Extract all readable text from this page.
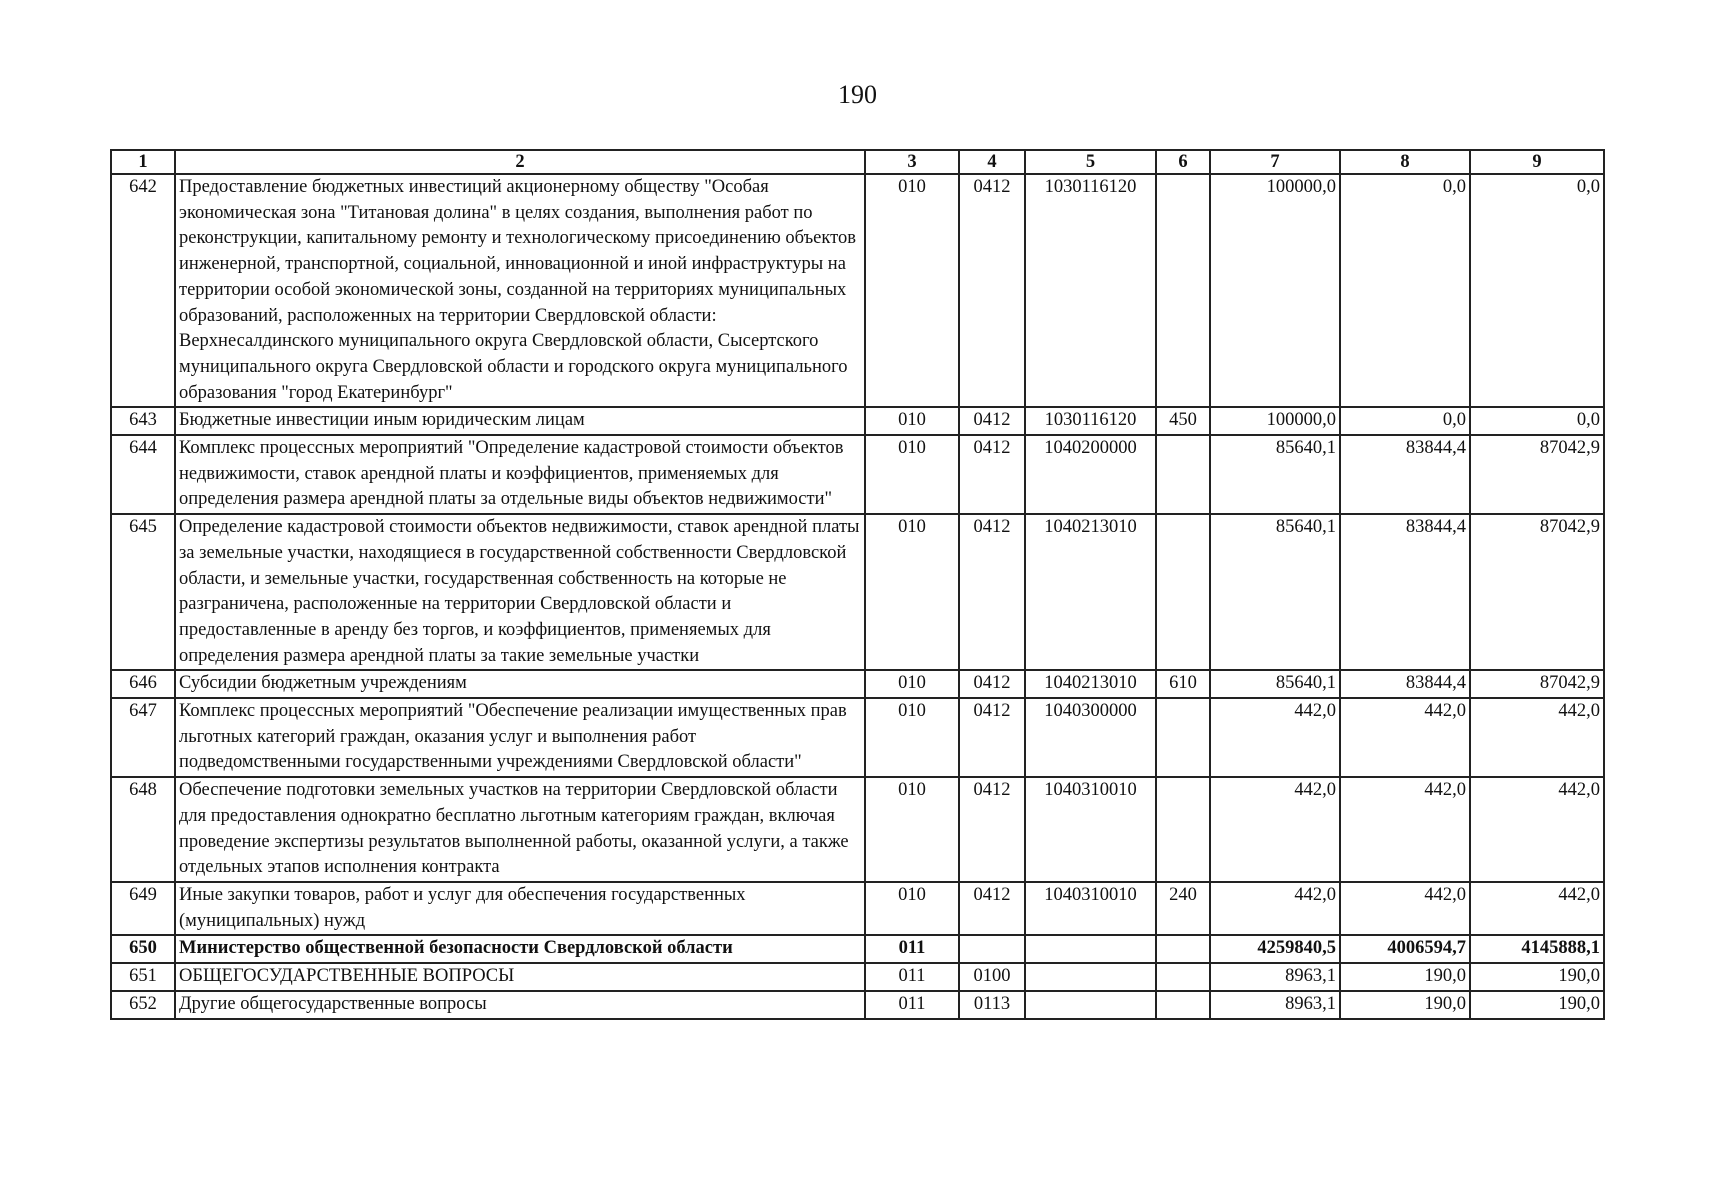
190
1	2	3	4	5	6	7	8	9
642	Предоставление бюджетных инвестиций акционерному обществу "Особая экономическая зона "Титановая долина" в целях создания, выполнения работ по реконструкции, капитальному ремонту и технологическому присоединению объектов инженерной, транспортной, социальной, инновационной и иной инфраструктуры на территории особой экономической зоны, созданной на территориях муниципальных образований, расположенных на территории Свердловской области: Верхнесалдинского муниципального округа Свердловской области, Сысертского муниципального округа Свердловской области и городского округа муниципального образования "город Екатеринбург"	010	0412	1030116120		100000,0	0,0	0,0
643	Бюджетные инвестиции иным юридическим лицам	010	0412	1030116120	450	100000,0	0,0	0,0
644	Комплекс процессных мероприятий "Определение кадастровой стоимости объектов недвижимости, ставок арендной платы и коэффициентов, применяемых для определения размера арендной платы за отдельные виды объектов недвижимости"	010	0412	1040200000		85640,1	83844,4	87042,9
645	Определение кадастровой стоимости объектов недвижимости, ставок арендной платы за земельные участки, находящиеся в государственной собственности Свердловской области, и земельные участки, государственная собственность на которые не разграничена, расположенные на территории Свердловской области и предоставленные в аренду без торгов, и коэффициентов, применяемых для определения размера арендной платы за такие земельные участки	010	0412	1040213010		85640,1	83844,4	87042,9
646	Субсидии бюджетным учреждениям	010	0412	1040213010	610	85640,1	83844,4	87042,9
647	Комплекс процессных мероприятий "Обеспечение реализации имущественных прав льготных категорий граждан, оказания услуг и выполнения работ подведомственными государственными учреждениями Свердловской области"	010	0412	1040300000		442,0	442,0	442,0
648	Обеспечение подготовки земельных участков на территории Свердловской области для предоставления однократно бесплатно льготным категориям граждан, включая проведение экспертизы результатов выполненной работы, оказанной услуги, а также отдельных этапов исполнения контракта	010	0412	1040310010		442,0	442,0	442,0
649	Иные закупки товаров, работ и услуг для обеспечения государственных (муниципальных) нужд	010	0412	1040310010	240	442,0	442,0	442,0
650	Министерство общественной безопасности Свердловской области	011				4259840,5	4006594,7	4145888,1
651	ОБЩЕГОСУДАРСТВЕННЫЕ ВОПРОСЫ	011	0100			8963,1	190,0	190,0
652	Другие общегосударственные вопросы	011	0113			8963,1	190,0	190,0
